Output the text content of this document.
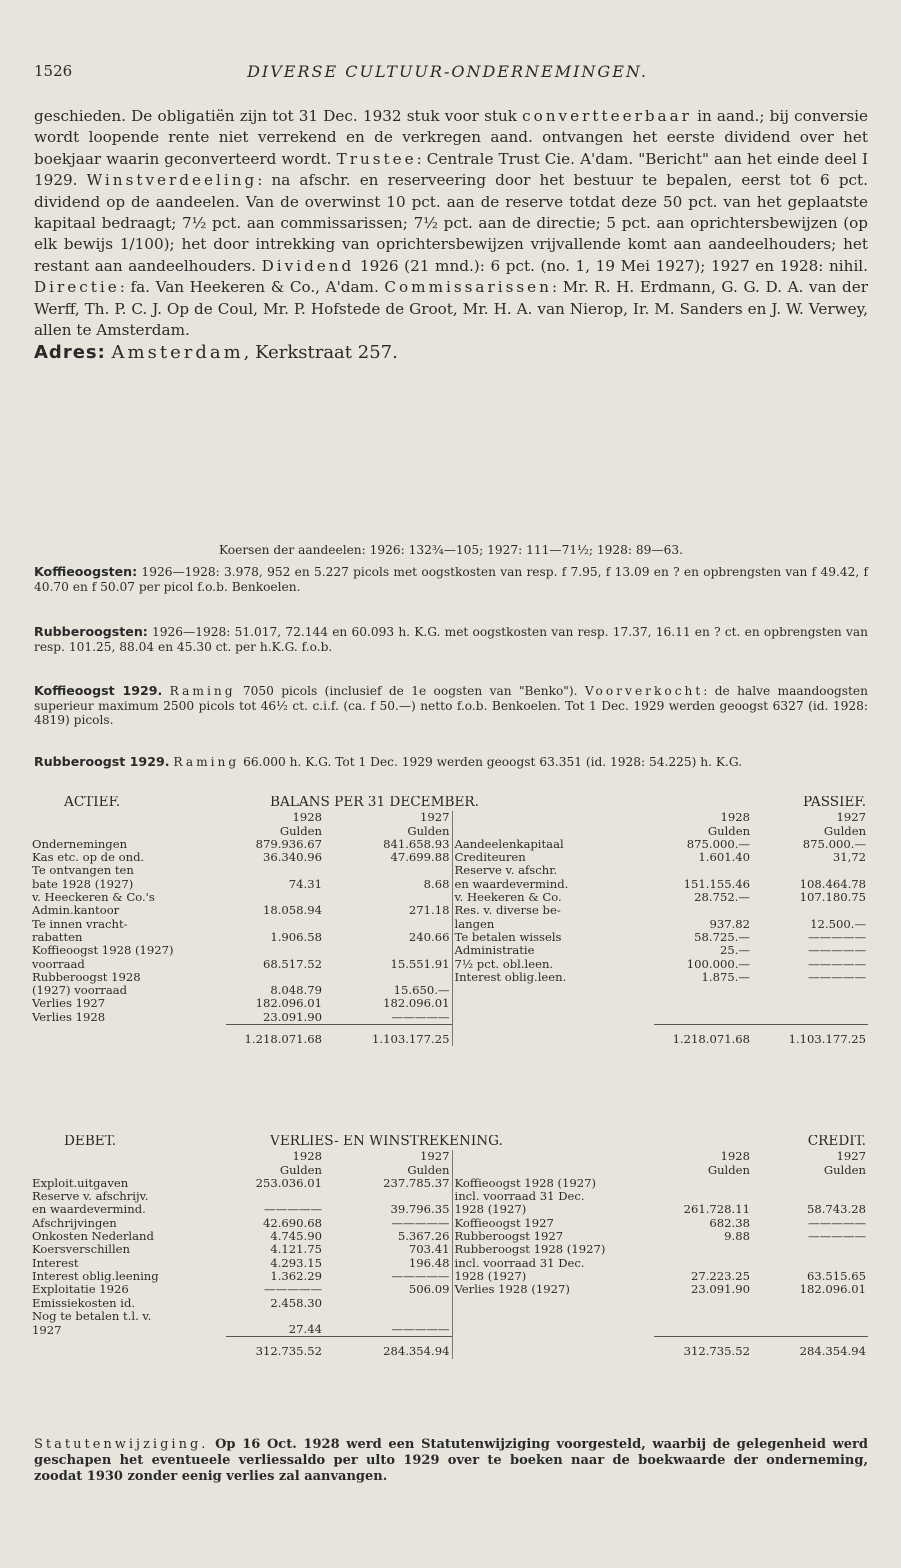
1526	DIVERSE CULTUUR-ONDERNEMINGEN.

geschieden. De obligatiën zijn tot 31 Dec. 1932 stuk voor stuk convertteerbaar in aand.; bij conversie wordt loopende rente niet verrekend en de verkregen aand. ontvangen het eerste dividend over het boekjaar waarin geconverteerd wordt. Trustee: Centrale Trust Cie. A'dam. "Bericht" aan het einde deel I 1929. Winstverdeeling: na afschr. en reserveering door het bestuur te bepalen, eerst tot 6 pct. dividend op de aandeelen. Van de overwinst 10 pct. aan de reserve totdat deze 50 pct. van het geplaatste kapitaal bedraagt; 7½ pct. aan commissarissen; 7½ pct. aan de directie; 5 pct. aan oprichtersbewijzen (op elk bewijs 1/100); het door intrekking van oprichtersbewijzen vrijvallende komt aan aandeelhouders; het restant aan aandeelhouders. Dividend 1926 (21 mnd.): 6 pct. (no. 1, 19 Mei 1927); 1927 en 1928: nihil. Directie: fa. Van Heekeren & Co., A'dam. Commissarissen: Mr. R. H. Erdmann, G. G. D. A. van der Werff, Th. P. C. J. Op de Coul, Mr. P. Hofstede de Groot, Mr. H. A. van Nierop, Ir. M. Sanders en J. W. Verwey, allen te Amsterdam.

Adres: Amsterdam, Kerkstraat 257.

Koersen der aandeelen: 1926: 132¾—105; 1927: 111—71½; 1928: 89—63.
Koffieoogsten: 1926—1928: 3.978, 952 en 5.227 picols met oogstkosten van resp. f 7.95, f 13.09 en ? en opbrengsten van f 49.42, f 40.70 en f 50.07 per picol f.o.b. Benkoelen.
Rubberoogsten: 1926—1928: 51.017, 72.144 en 60.093 h. K.G. met oogstkosten van resp. 17.37, 16.11 en ? ct. en opbrengsten van resp. 101.25, 88.04 en 45.30 ct. per h.K.G. f.o.b.
Koffieoogst 1929. Raming 7050 picols (inclusief de 1e oogsten van "Benko"). Voorverkocht: de halve maandoogsten superieur maximum 2500 picols tot 46½ ct. c.i.f. (ca. f 50.—) netto f.o.b. Benkoelen. Tot 1 Dec. 1929 werden geoogst 6327 (id. 1928: 4819) picols.
Rubberoogst 1929. Raming 66.000 h. K.G. Tot 1 Dec. 1929 werden geoogst 63.351 (id. 1928: 54.225) h. K.G.
ACTIEF.	BALANS PER 31 DECEMBER.				PASSIEF.
	1928	1927		1928	1927
	Gulden	Gulden		Gulden	Gulden
Ondernemingen	879.936.67	841.658.93	Aandeelenkapitaal	875.000.—	875.000.—
Kas etc. op de ond.	36.340.96	47.699.88	Crediteuren	1.601.40	31,72
Te ontvangen ten			Reserve v. afschr.		
bate 1928 (1927)	74.31	8.68	en waardevermind.	151.155.46	108.464.78
v. Heeckeren & Co.'s			v. Heekeren & Co.	28.752.—	107.180.75
Admin.kantoor	18.058.94	271.18	Res. v. diverse be-		
Te innen vracht-			langen	937.82	12.500.—
rabatten	1.906.58	240.66	Te betalen wissels	58.725.—	—————
Koffieoogst 1928 (1927)			Administratie	25.—	—————
voorraad	68.517.52	15.551.91	7½ pct. obl.leen.	100.000.—	—————
Rubberoogst 1928			Interest oblig.leen.	1.875.—	—————
(1927) voorraad	8.048.79	15.650.—			
Verlies 1927	182.096.01	182.096.01			
Verlies 1928	23.091.90	—————			
	1.218.071.68	1.103.177.25		1.218.071.68	1.103.177.25
DEBET.	VERLIES- EN WINSTREKENING.				CREDIT.
	1928	1927		1928	1927
	Gulden	Gulden		Gulden	Gulden
Exploit.uitgaven	253.036.01	237.785.37	Koffieoogst 1928 (1927)		
Reserve v. afschrijv.			incl. voorraad 31 Dec.		
en waardevermind.	—————	39.796.35	1928 (1927)	261.728.11	58.743.28
Afschrijvingen	42.690.68	—————	Koffieoogst 1927	682.38	—————
Onkosten Nederland	4.745.90	5.367.26	Rubberoogst 1927	9.88	—————
Koersverschillen	4.121.75	703.41	Rubberoogst 1928 (1927)		
Interest	4.293.15	196.48	incl. voorraad 31 Dec.		
Interest oblig.leening	1.362.29	—————	1928 (1927)	27.223.25	63.515.65
Exploitatie 1926	—————	506.09	Verlies 1928 (1927)	23.091.90	182.096.01
Emissiekosten id.	2.458.30				
Nog te betalen t.l. v.					
1927	27.44	—————			
	312.735.52	284.354.94		312.735.52	284.354.94
Statutenwijziging. Op 16 Oct. 1928 werd een Statutenwijziging voorgesteld, waarbij de gelegenheid werd geschapen het eventueele verliessaldo per ulto 1929 over te boeken naar de boekwaarde der onderneming, zoodat 1930 zonder eenig verlies zal aanvangen.
